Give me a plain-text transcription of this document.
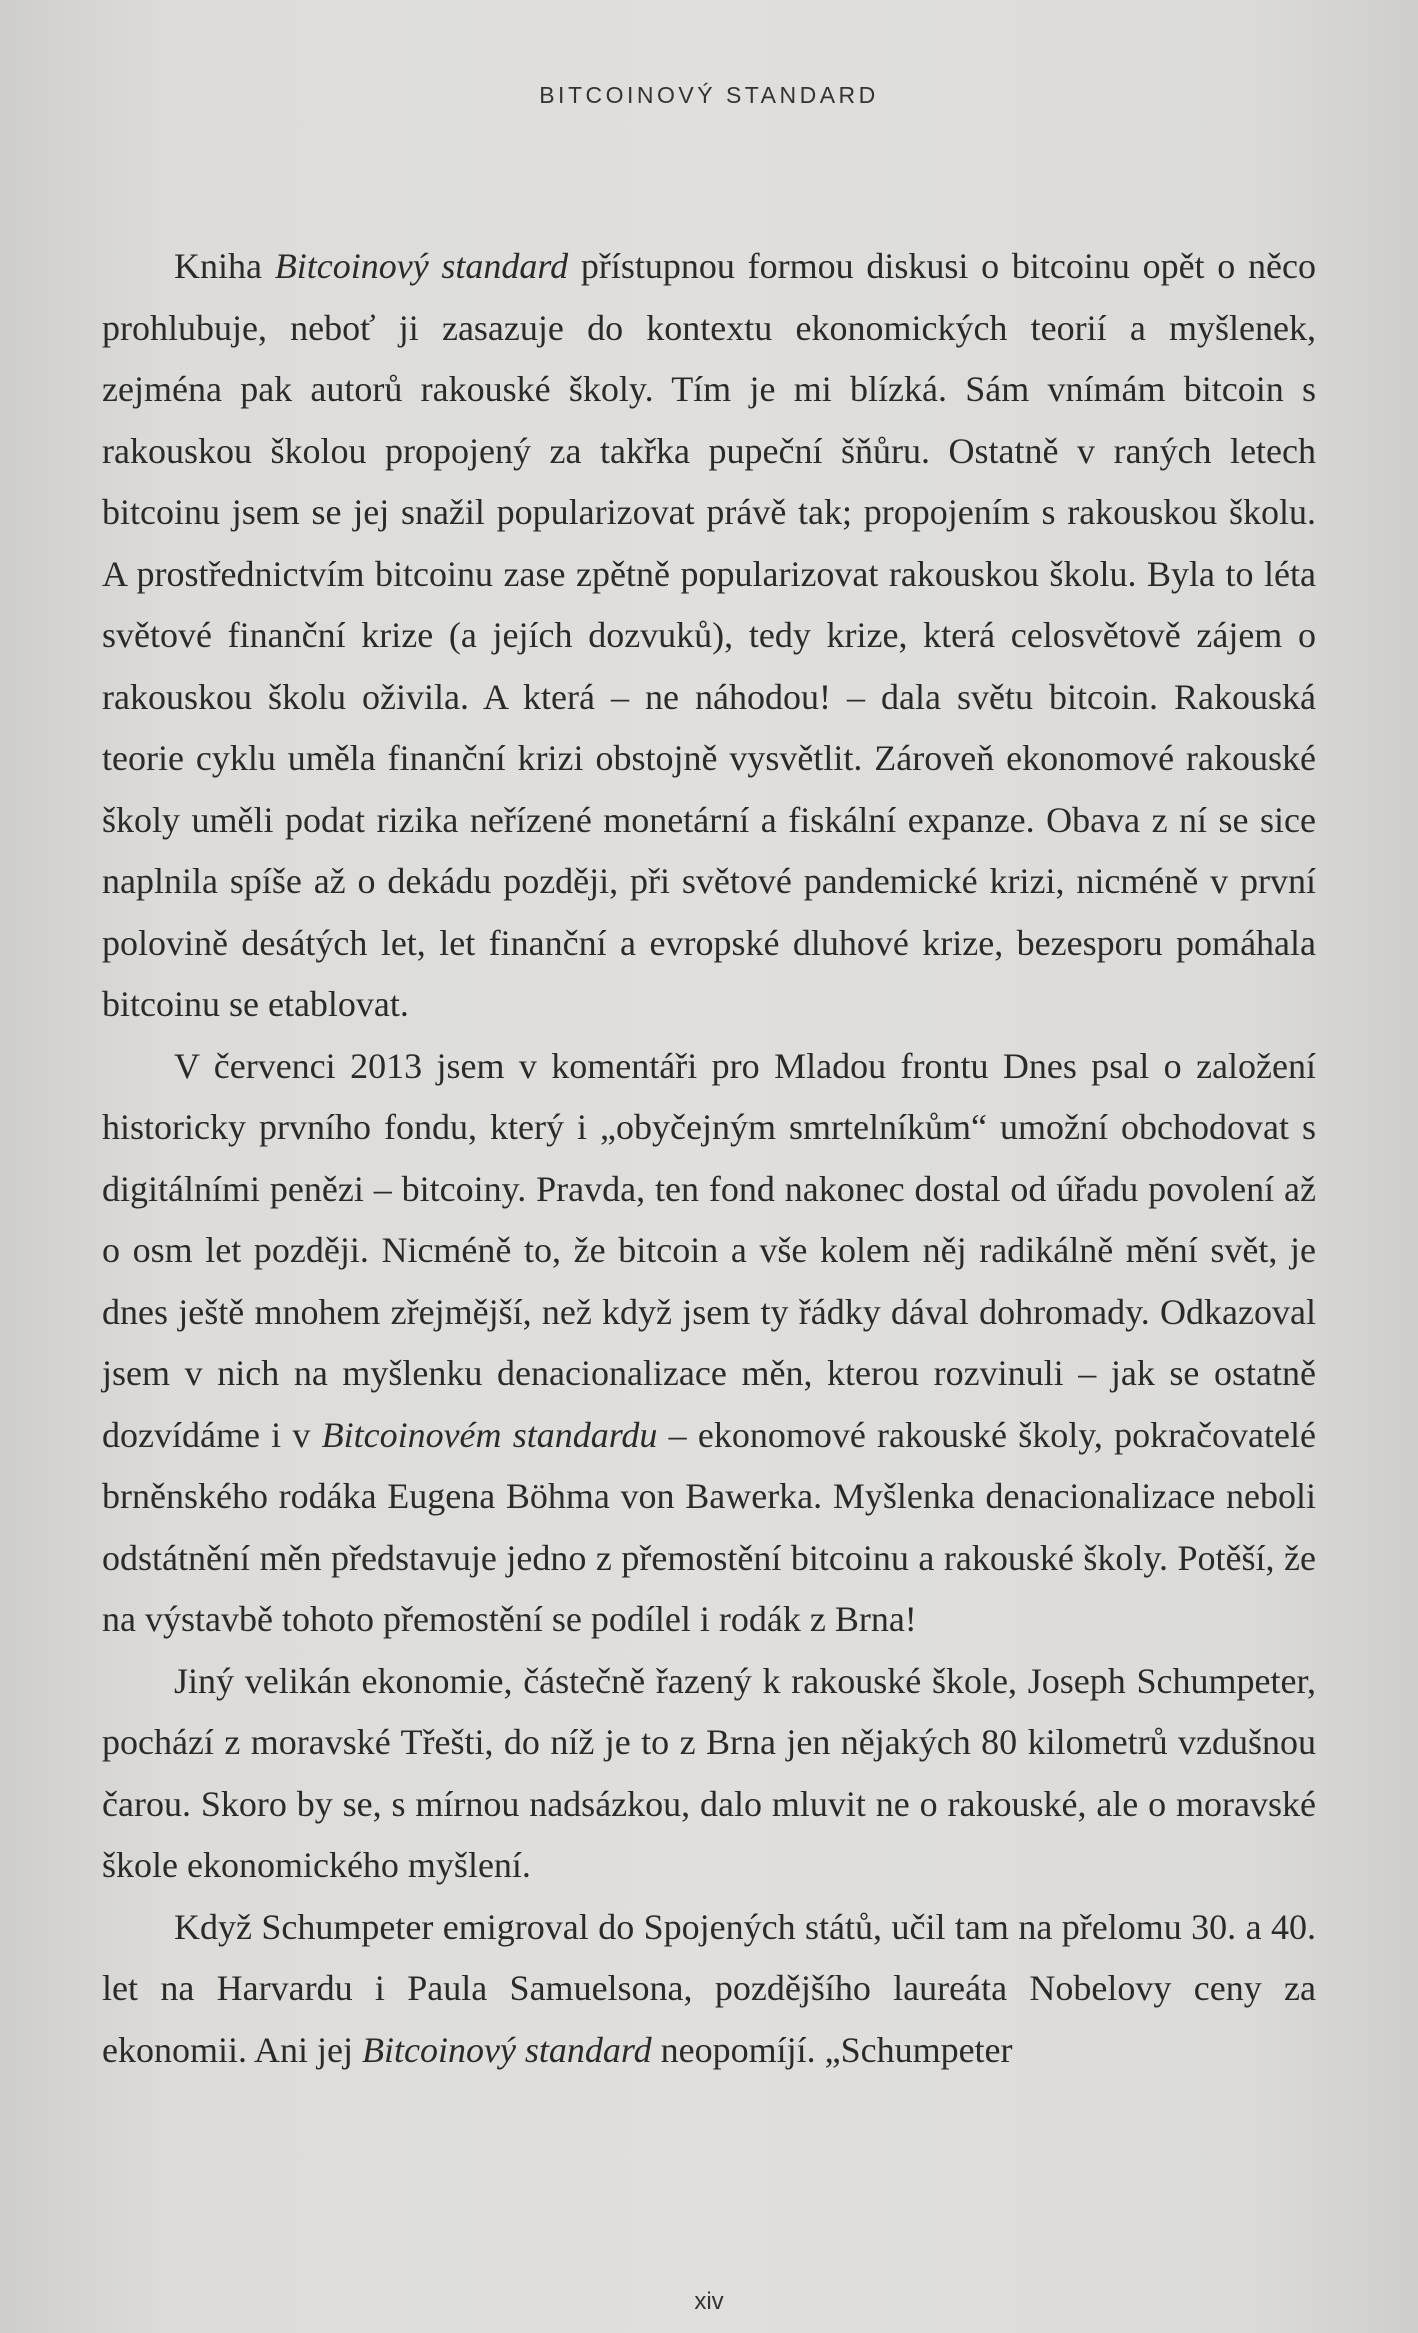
BITCOINOVÝ STANDARD

Kniha Bitcoinový standard přístupnou formou diskusi o bitcoinu opět o něco prohlubuje, neboť ji zasazuje do kontextu ekonomických teorií a myšlenek, zejména pak autorů rakouské školy. Tím je mi blízká. Sám vnímám bitcoin s rakouskou školou propojený za takřka pupeční šňůru. Ostatně v raných letech bitcoinu jsem se jej snažil popularizovat právě tak; propojením s rakouskou školu. A prostřednictvím bitcoinu zase zpětně popularizovat rakouskou školu. Byla to léta světové finanční krize (a jejích dozvuků), tedy krize, která celosvětově zájem o rakouskou školu oživila. A která – ne náhodou! – dala světu bitcoin. Rakouská teorie cyklu uměla finanční krizi obstojně vysvětlit. Zároveň ekonomové rakouské školy uměli podat rizika neřízené monetární a fiskální expanze. Obava z ní se sice naplnila spíše až o dekádu později, při světové pandemické krizi, nicméně v první polovině desátých let, let finanční a evropské dluhové krize, bezesporu pomáhala bitcoinu se etablovat.

V červenci 2013 jsem v komentáři pro Mladou frontu Dnes psal o založení historicky prvního fondu, který i „obyčejným smrtelníkům“ umožní obchodovat s digitálními penězi – bitcoiny. Pravda, ten fond nakonec dostal od úřadu povolení až o osm let později. Nicméně to, že bitcoin a vše kolem něj radikálně mění svět, je dnes ještě mnohem zřejmější, než když jsem ty řádky dával dohromady. Odkazoval jsem v nich na myšlenku denacionalizace měn, kterou rozvinuli – jak se ostatně dozvídáme i v Bitcoinovém standardu – ekonomové rakouské školy, pokračovatelé brněnského rodáka Eugena Böhma von Bawerka. Myšlenka denacionalizace neboli odstátnění měn představuje jedno z přemostění bitcoinu a rakouské školy. Potěší, že na výstavbě tohoto přemostění se podílel i rodák z Brna!

Jiný velikán ekonomie, částečně řazený k rakouské škole, Joseph Schumpeter, pochází z moravské Třešti, do níž je to z Brna jen nějakých 80 kilometrů vzdušnou čarou. Skoro by se, s mírnou nadsázkou, dalo mluvit ne o rakouské, ale o moravské škole ekonomického myšlení.

Když Schumpeter emigroval do Spojených států, učil tam na přelomu 30. a 40. let na Harvardu i Paula Samuelsona, pozdějšího laureáta Nobelovy ceny za ekonomii. Ani jej Bitcoinový standard neopomíjí. „Schumpeter

xiv
